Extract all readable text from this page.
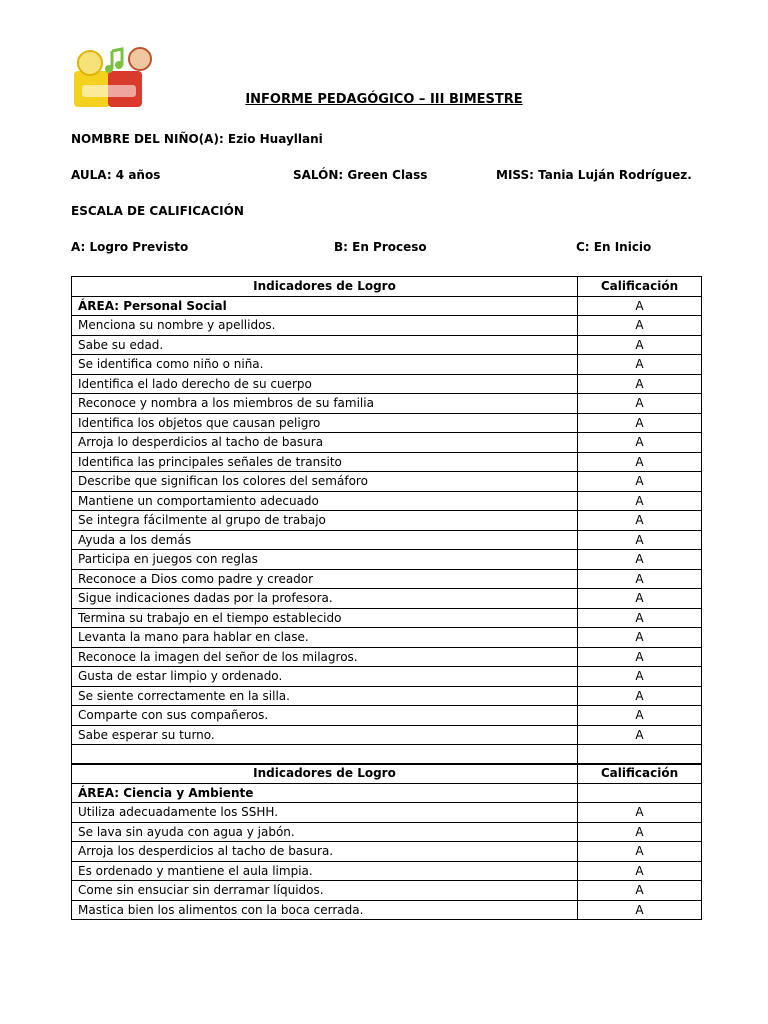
INFORME PEDAGÓGICO – III BIMESTRE
NOMBRE DEL NIÑO(A): Ezio Huayllani
AULA: 4 años	SALÓN: Green Class	MISS: Tania Luján Rodríguez.
ESCALA DE CALIFICACIÓN
A: Logro Previsto	B: En Proceso	C: En Inicio
Indicadores de Logro	Calificación
ÁREA: Personal Social	A
Menciona su nombre y apellidos.	A
Sabe su edad.	A
Se identifica como niño o niña.	A
Identifica el lado derecho de su cuerpo	A
Reconoce y nombra a los miembros de su familia	A
Identifica los objetos que causan peligro	A
Arroja lo desperdicios al tacho de basura	A
Identifica las principales señales de transito	A
Describe que significan los colores del semáforo	A
Mantiene un comportamiento adecuado	A
Se integra fácilmente al grupo de trabajo	A
Ayuda a los demás	A
Participa en juegos con reglas	A
Reconoce a Dios como padre y creador	A
Sigue indicaciones dadas por la profesora.	A
Termina su trabajo en el tiempo establecido	A
Levanta la mano para hablar en clase.	A
Reconoce la imagen del señor de los milagros.	A
Gusta de estar limpio y ordenado.	A
Se siente correctamente en la silla.	A
Comparte con sus compañeros.	A
Sabe esperar su turno.	A

Indicadores de Logro	Calificación
ÁREA: Ciencia y Ambiente	
Utiliza adecuadamente los SSHH.	A
Se lava sin ayuda con agua y jabón.	A
Arroja los desperdicios al tacho de basura.	A
Es ordenado y mantiene el aula limpia.	A
Come sin ensuciar sin derramar líquidos.	A
Mastica bien los alimentos con la boca cerrada.	A
